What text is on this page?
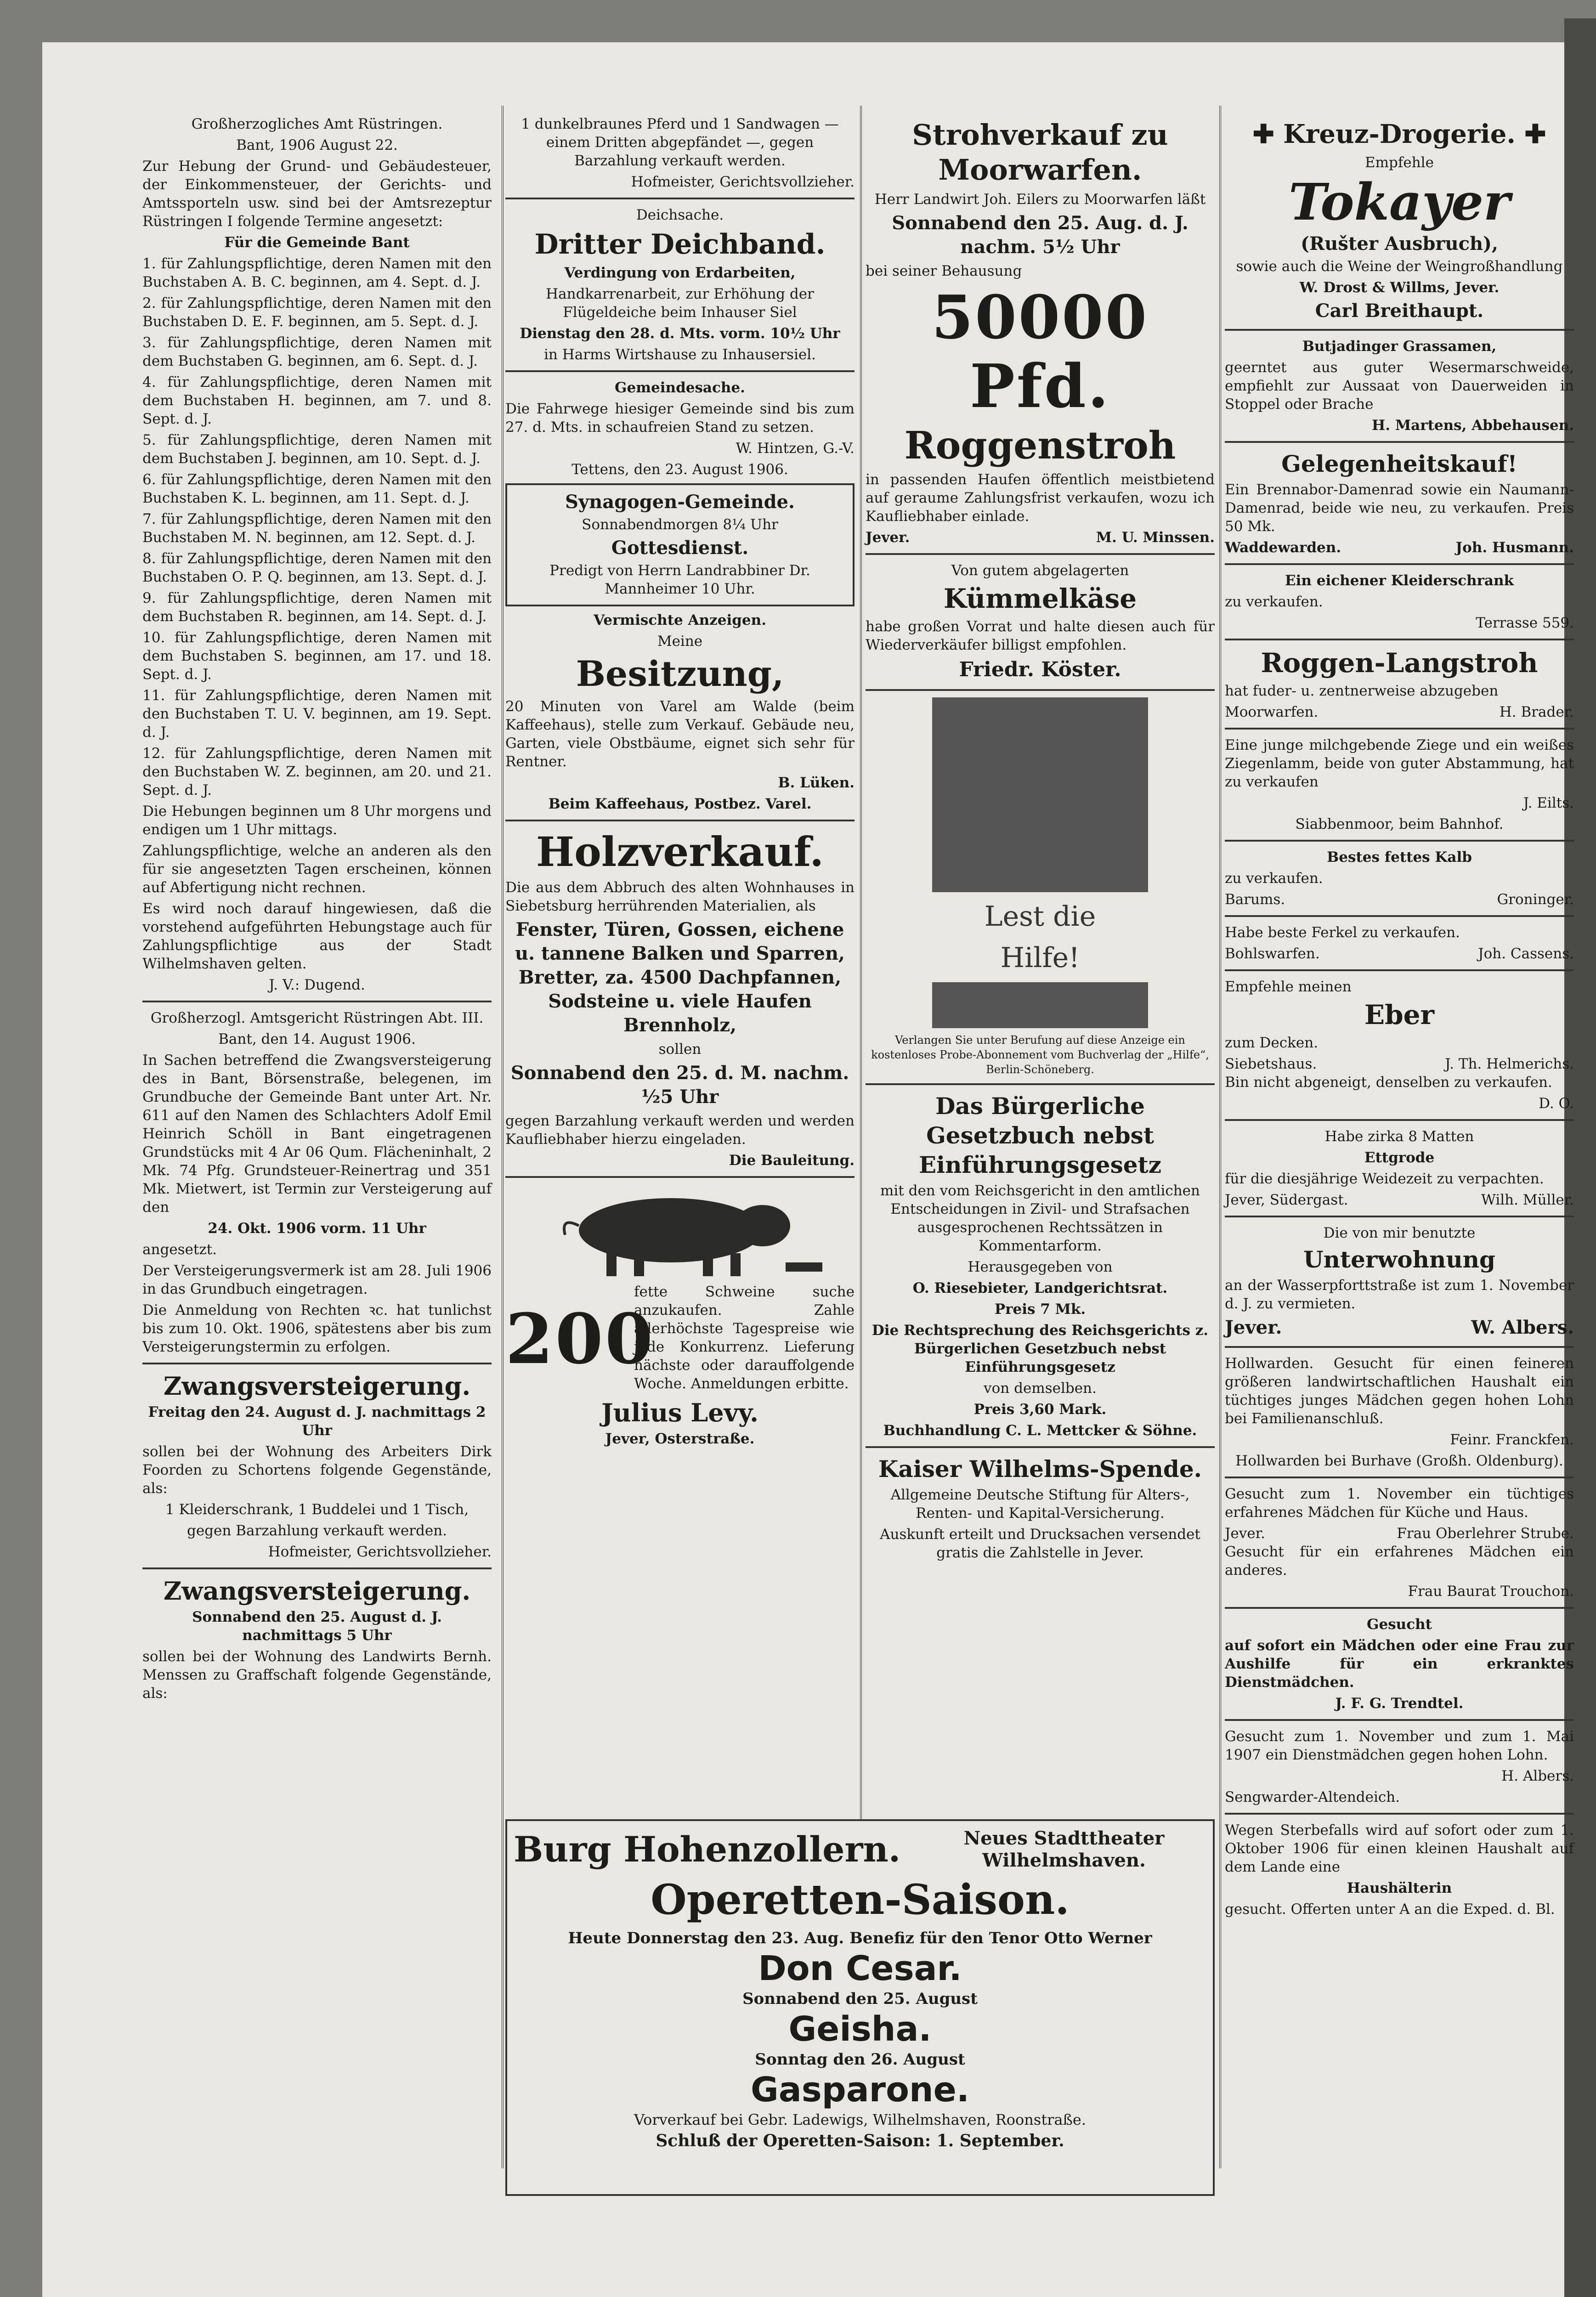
Großherzogliches Amt Rüstringen.

Bant, 1906 August 22.

Zur Hebung der Grund- und Gebäudesteuer, der Einkommensteuer, der Gerichts- und Amtssporteln usw. sind bei der Amtsrezeptur Rüstringen I folgende Termine angesetzt:

Für die Gemeinde Bant

1. für Zahlungspflichtige, deren Namen mit den Buchstaben A. B. C. beginnen, am 4. Sept. d. J.

2. für Zahlungspflichtige, deren Namen mit den Buchstaben D. E. F. beginnen, am 5. Sept. d. J.

3. für Zahlungspflichtige, deren Namen mit dem Buchstaben G. beginnen, am 6. Sept. d. J.

4. für Zahlungspflichtige, deren Namen mit dem Buchstaben H. beginnen, am 7. und 8. Sept. d. J.

5. für Zahlungspflichtige, deren Namen mit dem Buchstaben J. beginnen, am 10. Sept. d. J.

6. für Zahlungspflichtige, deren Namen mit den Buchstaben K. L. beginnen, am 11. Sept. d. J.

7. für Zahlungspflichtige, deren Namen mit den Buchstaben M. N. beginnen, am 12. Sept. d. J.

8. für Zahlungspflichtige, deren Namen mit den Buchstaben O. P. Q. beginnen, am 13. Sept. d. J.

9. für Zahlungspflichtige, deren Namen mit dem Buchstaben R. beginnen, am 14. Sept. d. J.

10. für Zahlungspflichtige, deren Namen mit dem Buchstaben S. beginnen, am 17. und 18. Sept. d. J.

11. für Zahlungspflichtige, deren Namen mit den Buchstaben T. U. V. beginnen, am 19. Sept. d. J.

12. für Zahlungspflichtige, deren Namen mit den Buchstaben W. Z. beginnen, am 20. und 21. Sept. d. J.

Die Hebungen beginnen um 8 Uhr morgens und endigen um 1 Uhr mittags.

Zahlungspflichtige, welche an anderen als den für sie angesetzten Tagen erscheinen, können auf Abfertigung nicht rechnen.

Es wird noch darauf hingewiesen, daß die vorstehend aufgeführten Hebungstage auch für Zahlungspflichtige aus der Stadt Wilhelmshaven gelten.

J. V.: Dugend.

Großherzogl. Amtsgericht Rüstringen Abt. III.

Bant, den 14. August 1906.

In Sachen betreffend die Zwangsversteigerung des in Bant, Börsenstraße, belegenen, im Grundbuche der Gemeinde Bant unter Art. Nr. 611 auf den Namen des Schlachters Adolf Emil Heinrich Schöll in Bant eingetragenen Grundstücks mit 4 Ar 06 Qum. Flächeninhalt, 2 Mk. 74 Pfg. Grundsteuer-Reinertrag und 351 Mk. Mietwert, ist Termin zur Versteigerung auf den

24. Okt. 1906 vorm. 11 Uhr

angesetzt.

Der Versteigerungsvermerk ist am 28. Juli 1906 in das Grundbuch eingetragen.

Die Anmeldung von Rechten ꝛc. hat tunlichst bis zum 10. Okt. 1906, spätestens aber bis zum Versteigerungstermin zu erfolgen.

Zwangsversteigerung.

Freitag den 24. August d. J. nachmittags 2 Uhr

sollen bei der Wohnung des Arbeiters Dirk Foorden zu Schortens folgende Gegenstände, als:

1 Kleiderschrank, 1 Buddelei und 1 Tisch,

gegen Barzahlung verkauft werden.

Hofmeister, Gerichtsvollzieher.

Zwangsversteigerung.

Sonnabend den 25. August d. J. nachmittags 5 Uhr

sollen bei der Wohnung des Landwirts Bernh. Menssen zu Graffschaft folgende Gegenstände, als:

1 dunkelbraunes Pferd und 1 Sandwagen — einem Dritten abgepfändet —, gegen Barzahlung verkauft werden.

Hofmeister, Gerichtsvollzieher.

Deichsache.

Dritter Deichband.

Verdingung von Erdarbeiten,

Handkarrenarbeit, zur Erhöhung der Flügeldeiche beim Inhauser Siel

Dienstag den 28. d. Mts. vorm. 10½ Uhr

in Harms Wirtshause zu Inhausersiel.

Gemeindesache.

Die Fahrwege hiesiger Gemeinde sind bis zum 27. d. Mts. in schaufreien Stand zu setzen.

W. Hintzen, G.-V.

Tettens, den 23. August 1906.

Synagogen-Gemeinde.

Sonnabendmorgen 8¼ Uhr

Gottesdienst.

Predigt von Herrn Landrabbiner Dr. Mannheimer 10 Uhr.

Vermischte Anzeigen.

Meine

Besitzung,

20 Minuten von Varel am Walde (beim Kaffeehaus), stelle zum Verkauf. Gebäude neu, Garten, viele Obstbäume, eignet sich sehr für Rentner.

B. Lüken.

Beim Kaffeehaus, Postbez. Varel.

Holzverkauf.

Die aus dem Abbruch des alten Wohnhauses in Siebetsburg herrührenden Materialien, als

Fenster, Türen, Gossen, eichene u. tannene Balken und Sparren, Bretter, za. 4500 Dachpfannen, Sodsteine u. viele Haufen Brennholz,

sollen

Sonnabend den 25. d. M. nachm. ½5 Uhr

gegen Barzahlung verkauft werden und werden Kaufliebhaber hierzu eingeladen.

Die Bauleitung.

200

fette Schweine suche anzukaufen. Zahle allerhöchste Tagespreise wie jede Konkurrenz. Lieferung nächste oder darauffolgende Woche. Anmeldungen erbitte.

Julius Levy.

Jever, Osterstraße.

Strohverkauf zu Moorwarfen.

Herr Landwirt Joh. Eilers zu Moorwarfen läßt

Sonnabend den 25. Aug. d. J. nachm. 5½ Uhr

bei seiner Behausung

50000 Pfd.
Roggenstroh

in passenden Haufen öffentlich meistbietend auf geraume Zahlungsfrist verkaufen, wozu ich Kaufliebhaber einlade.

Jever.	M. U. Minssen.

Von gutem abgelagerten

Kümmelkäse

habe großen Vorrat und halte diesen auch für Wiederverkäufer billigst empfohlen.

Friedr. Köster.

Lest die Hilfe!

Verlangen Sie unter Berufung auf diese Anzeige ein kostenloses Probe-Abonnement vom Buchverlag der „Hilfe“, Berlin-Schöneberg.

Das Bürgerliche Gesetzbuch nebst Einführungsgesetz

mit den vom Reichsgericht in den amtlichen Entscheidungen in Zivil- und Strafsachen ausgesprochenen Rechtssätzen in Kommentarform.

Herausgegeben von

O. Riesebieter, Landgerichtsrat.

Preis 7 Mk.

Die Rechtsprechung des Reichsgerichts z. Bürgerlichen Gesetzbuch nebst Einführungsgesetz

von demselben.

Preis 3,60 Mark.

Buchhandlung C. L. Mettcker & Söhne.

Kaiser Wilhelms-Spende.

Allgemeine Deutsche Stiftung für Alters-, Renten- und Kapital-Versicherung.

Auskunft erteilt und Drucksachen versendet gratis die Zahlstelle in Jever.

✚ Kreuz-Drogerie. ✚

Empfehle

Tokayer
(Rušter Ausbruch),

sowie auch die Weine der Weingroßhandlung

W. Drost & Willms, Jever.

Carl Breithaupt.

Butjadinger Grassamen,

geerntet aus guter Wesermarschweide, empfiehlt zur Aussaat von Dauerweiden in Stoppel oder Brache

H. Martens, Abbehausen.

Gelegenheitskauf!

Ein Brennabor-Damenrad sowie ein Naumann-Damenrad, beide wie neu, zu verkaufen. Preis 50 Mk.

Waddewarden.	Joh. Husmann.

Ein eichener Kleiderschrank

zu verkaufen.

Terrasse 559.

Roggen-Langstroh

hat fuder- u. zentnerweise abzugeben

Moorwarfen.	H. Brader.

Eine junge milchgebende Ziege und ein weißes Ziegenlamm, beide von guter Abstammung, hat zu verkaufen

J. Eilts.

Siabbenmoor, beim Bahnhof.

Bestes fettes Kalb

zu verkaufen.

Barums.	Groninger.

Habe beste Ferkel zu verkaufen.

Bohlswarfen.	Joh. Cassens.

Empfehle meinen

Eber

zum Decken.

Siebetshaus.	J. Th. Helmerichs.

Bin nicht abgeneigt, denselben zu verkaufen.

D. O.

Habe zirka 8 Matten

Ettgrode

für die diesjährige Weidezeit zu verpachten.

Jever, Südergast.	Wilh. Müller.

Die von mir benutzte

Unterwohnung

an der Wasserpforttstraße ist zum 1. November d. J. zu vermieten.

Jever.	W. Albers.

Hollwarden. Gesucht für einen feineren größeren landwirtschaftlichen Haushalt ein tüchtiges junges Mädchen gegen hohen Lohn bei Familienanschluß.

Feinr. Franckfen.

Hollwarden bei Burhave (Großh. Oldenburg).

Gesucht zum 1. November ein tüchtiges erfahrenes Mädchen für Küche und Haus.

Jever.	Frau Oberlehrer Strube.

Gesucht für ein erfahrenes Mädchen ein anderes.

Frau Baurat Trouchon.

Gesucht

auf sofort ein Mädchen oder eine Frau zur Aushilfe für ein erkranktes Dienstmädchen.

J. F. G. Trendtel.

Gesucht zum 1. November und zum 1. Mai 1907 ein Dienstmädchen gegen hohen Lohn.

H. Albers.

Sengwarder-Altendeich.

Wegen Sterbefalls wird auf sofort oder zum 1. Oktober 1906 für einen kleinen Haushalt auf dem Lande eine

Haushälterin

gesucht. Offerten unter A an die Exped. d. Bl.

Burg Hohenzollern.	Neues Stadttheater Wilhelmshaven.
Operetten-Saison.

Heute Donnerstag den 23. Aug. Benefiz für den Tenor Otto Werner

Don Cesar.

Sonnabend den 25. August

Geisha.

Sonntag den 26. August

Gasparone.

Vorverkauf bei Gebr. Ladewigs, Wilhelmshaven, Roonstraße.

Schluß der Operetten-Saison: 1. September.
